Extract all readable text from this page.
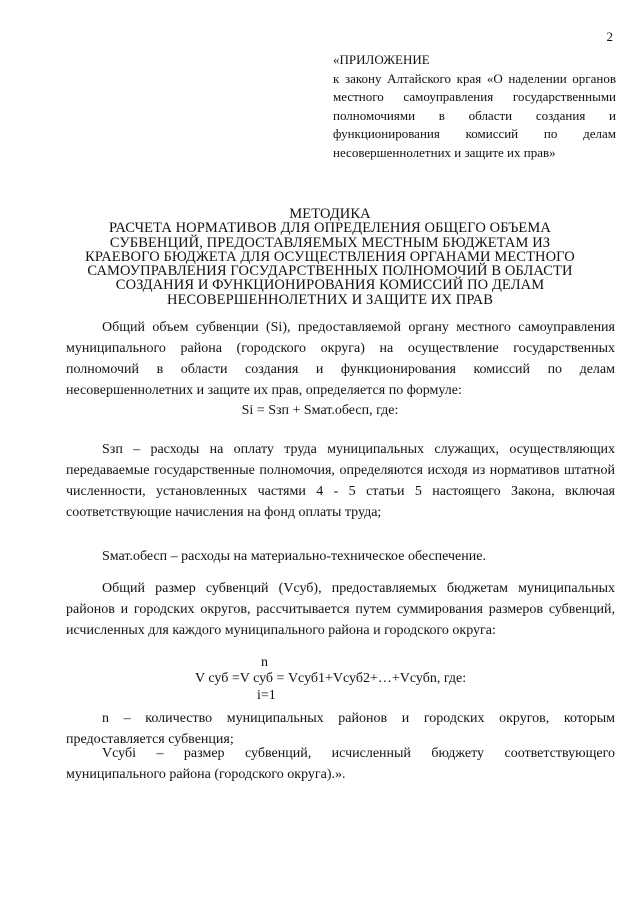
2
«ПРИЛОЖЕНИЕ
к закону Алтайского края «О наделении органов местного самоуправления государственными полномочиями в области создания и функционирования комиссий по делам несовершеннолетних и защите их прав»
МЕТОДИКА
РАСЧЕТА НОРМАТИВОВ ДЛЯ ОПРЕДЕЛЕНИЯ ОБЩЕГО ОБЪЕМА
СУБВЕНЦИЙ, ПРЕДОСТАВЛЯЕМЫХ МЕСТНЫМ БЮДЖЕТАМ ИЗ
КРАЕВОГО БЮДЖЕТА ДЛЯ ОСУЩЕСТВЛЕНИЯ ОРГАНАМИ МЕСТНОГО
САМОУПРАВЛЕНИЯ ГОСУДАРСТВЕННЫХ ПОЛНОМОЧИЙ В ОБЛАСТИ
СОЗДАНИЯ И ФУНКЦИОНИРОВАНИЯ КОМИССИЙ ПО ДЕЛАМ
НЕСОВЕРШЕННОЛЕТНИХ И ЗАЩИТЕ ИХ ПРАВ
Общий объем субвенции (Si), предоставляемой органу местного самоуправления муниципального района (городского округа) на осуществление государственных полномочий в области создания и функционирования комиссий по делам несовершеннолетних и защите их прав, определяется по формуле:
Si = Sзп + Sмат.обесп, где:
Sзп – расходы на оплату труда муниципальных служащих, осуществляющих передаваемые государственные полномочия, определяются исходя из нормативов штатной численности, установленных частями 4 - 5 статьи 5 настоящего Закона, включая соответствующие начисления на фонд оплаты труда;
Sмат.обесп – расходы на материально-техническое обеспечение.
Общий размер субвенций (Vсуб), предоставляемых бюджетам муниципальных районов и городских округов, рассчитывается путем суммирования размеров субвенций, исчисленных для каждого муниципального района и городского округа:
n
V суб =V суб = Vсуб1+Vсуб2+…+Vсубn, где:
i=1
n – количество муниципальных районов и городских округов, которым предоставляется субвенция;
Vсубi – размер субвенций, исчисленный бюджету соответствующего муниципального района (городского округа).».
